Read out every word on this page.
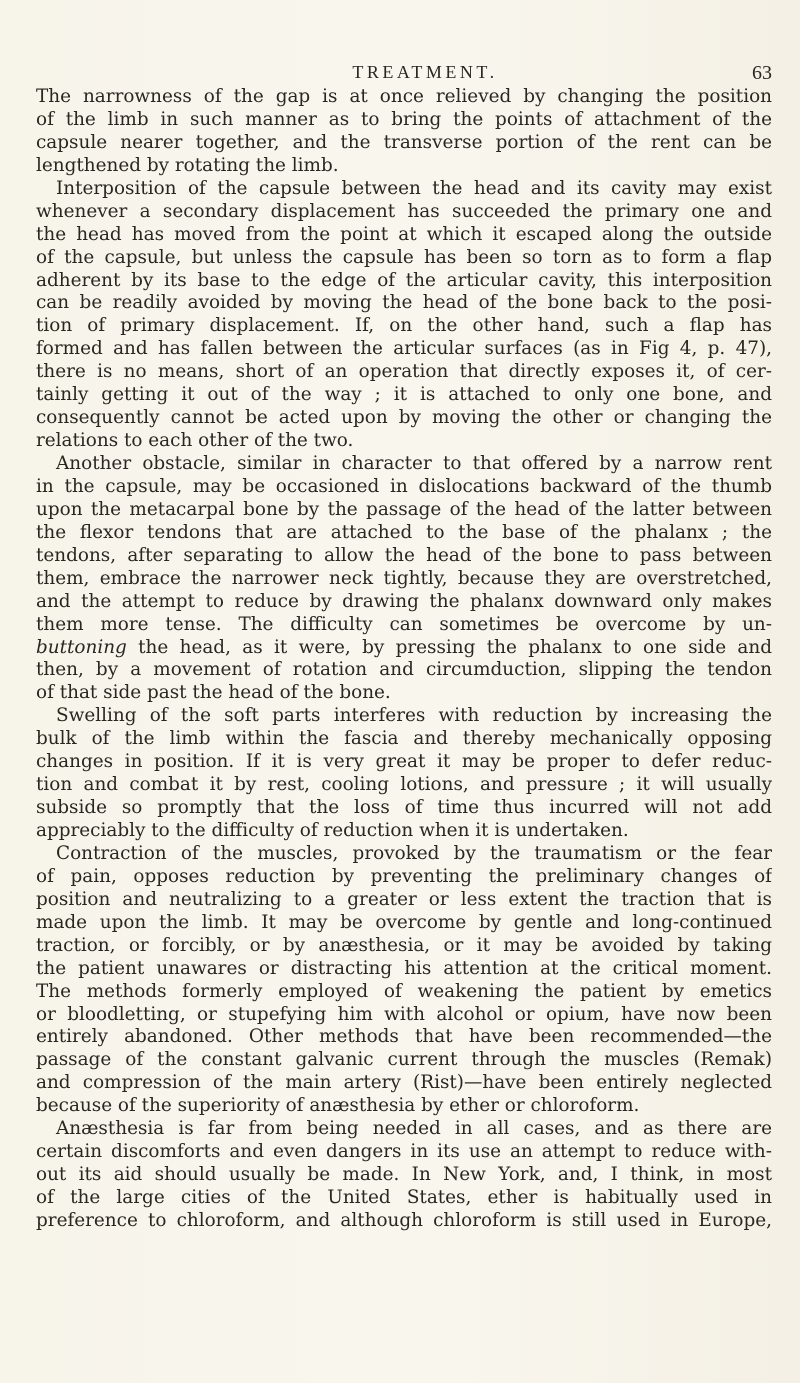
TREATMENT.	63
The narrowness of the gap is at once relieved by changing the position
of the limb in such manner as to bring the points of attachment of the
capsule nearer together, and the transverse portion of the rent can be
lengthened by rotating the limb.
Interposition of the capsule between the head and its cavity may exist
whenever a secondary displacement has succeeded the primary one and
the head has moved from the point at which it escaped along the outside
of the capsule, but unless the capsule has been so torn as to form a flap
adherent by its base to the edge of the articular cavity, this interposition
can be readily avoided by moving the head of the bone back to the posi-
tion of primary displacement. If, on the other hand, such a flap has
formed and has fallen between the articular surfaces (as in Fig 4, p. 47),
there is no means, short of an operation that directly exposes it, of cer-
tainly getting it out of the way ; it is attached to only one bone, and
consequently cannot be acted upon by moving the other or changing the
relations to each other of the two.
Another obstacle, similar in character to that offered by a narrow rent
in the capsule, may be occasioned in dislocations backward of the thumb
upon the metacarpal bone by the passage of the head of the latter between
the flexor tendons that are attached to the base of the phalanx ; the
tendons, after separating to allow the head of the bone to pass between
them, embrace the narrower neck tightly, because they are overstretched,
and the attempt to reduce by drawing the phalanx downward only makes
them more tense. The difficulty can sometimes be overcome by un-
buttoning the head, as it were, by pressing the phalanx to one side and
then, by a movement of rotation and circumduction, slipping the tendon
of that side past the head of the bone.
Swelling of the soft parts interferes with reduction by increasing the
bulk of the limb within the fascia and thereby mechanically opposing
changes in position. If it is very great it may be proper to defer reduc-
tion and combat it by rest, cooling lotions, and pressure ; it will usually
subside so promptly that the loss of time thus incurred will not add
appreciably to the difficulty of reduction when it is undertaken.
Contraction of the muscles, provoked by the traumatism or the fear
of pain, opposes reduction by preventing the preliminary changes of
position and neutralizing to a greater or less extent the traction that is
made upon the limb. It may be overcome by gentle and long-continued
traction, or forcibly, or by anæsthesia, or it may be avoided by taking
the patient unawares or distracting his attention at the critical moment.
The methods formerly employed of weakening the patient by emetics
or bloodletting, or stupefying him with alcohol or opium, have now been
entirely abandoned. Other methods that have been recommended—the
passage of the constant galvanic current through the muscles (Remak)
and compression of the main artery (Rist)—have been entirely neglected
because of the superiority of anæsthesia by ether or chloroform.
Anæsthesia is far from being needed in all cases, and as there are
certain discomforts and even dangers in its use an attempt to reduce with-
out its aid should usually be made. In New York, and, I think, in most
of the large cities of the United States, ether is habitually used in
preference to chloroform, and although chloroform is still used in Europe,
